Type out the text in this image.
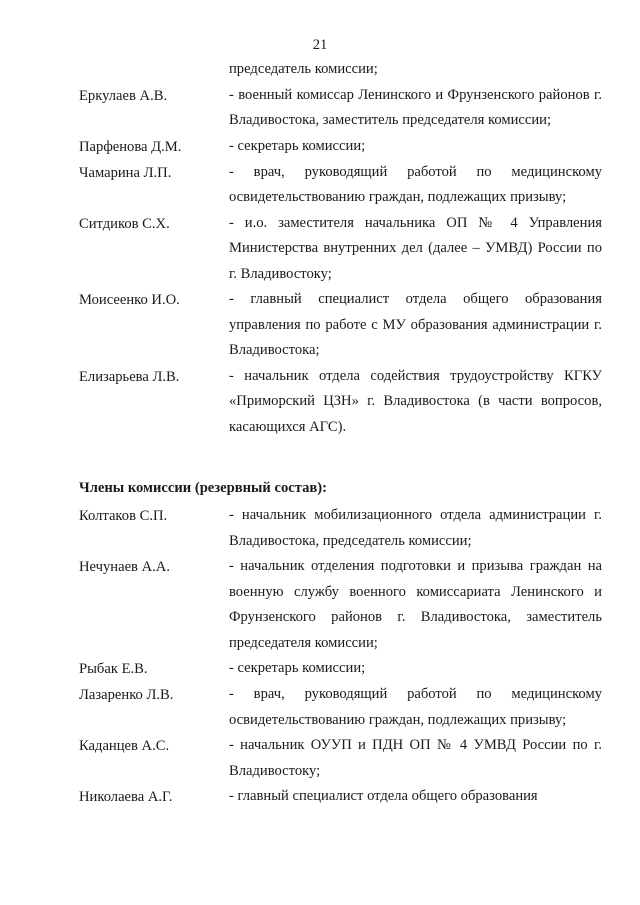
21
председатель комиссии;
Еркулаев А.В.	- военный комиссар Ленинского и Фрунзенского районов г. Владивостока, заместитель председателя комиссии;
Парфенова Д.М.	- секретарь комиссии;
Чамарина Л.П.	- врач, руководящий работой по медицинскому освидетельствованию граждан, подлежащих призыву;
Ситдиков С.Х.	- и.о. заместителя начальника ОП № 4 Управления Министерства внутренних дел (далее – УМВД) России по г. Владивостоку;
Моисеенко И.О.	- главный специалист отдела общего образования управления по работе с МУ образования администрации г. Владивостока;
Елизарьева Л.В.	- начальник отдела содействия трудоустройству КГКУ «Приморский ЦЗН» г. Владивостока (в части вопросов, касающихся АГС).
Члены комиссии (резервный состав):
Колтаков С.П.	- начальник мобилизационного отдела администрации г. Владивостока, председатель комиссии;
Нечунаев А.А.	- начальник отделения подготовки и призыва граждан на военную службу военного комиссариата Ленинского и Фрунзенского районов г. Владивостока, заместитель председателя комиссии;
Рыбак Е.В.	- секретарь комиссии;
Лазаренко Л.В.	- врач, руководящий работой по медицинскому освидетельствованию граждан, подлежащих призыву;
Каданцев А.С.	- начальник ОУУП и ПДН ОП № 4 УМВД России по г. Владивостоку;
Николаева А.Г.	- главный специалист отдела общего образования
